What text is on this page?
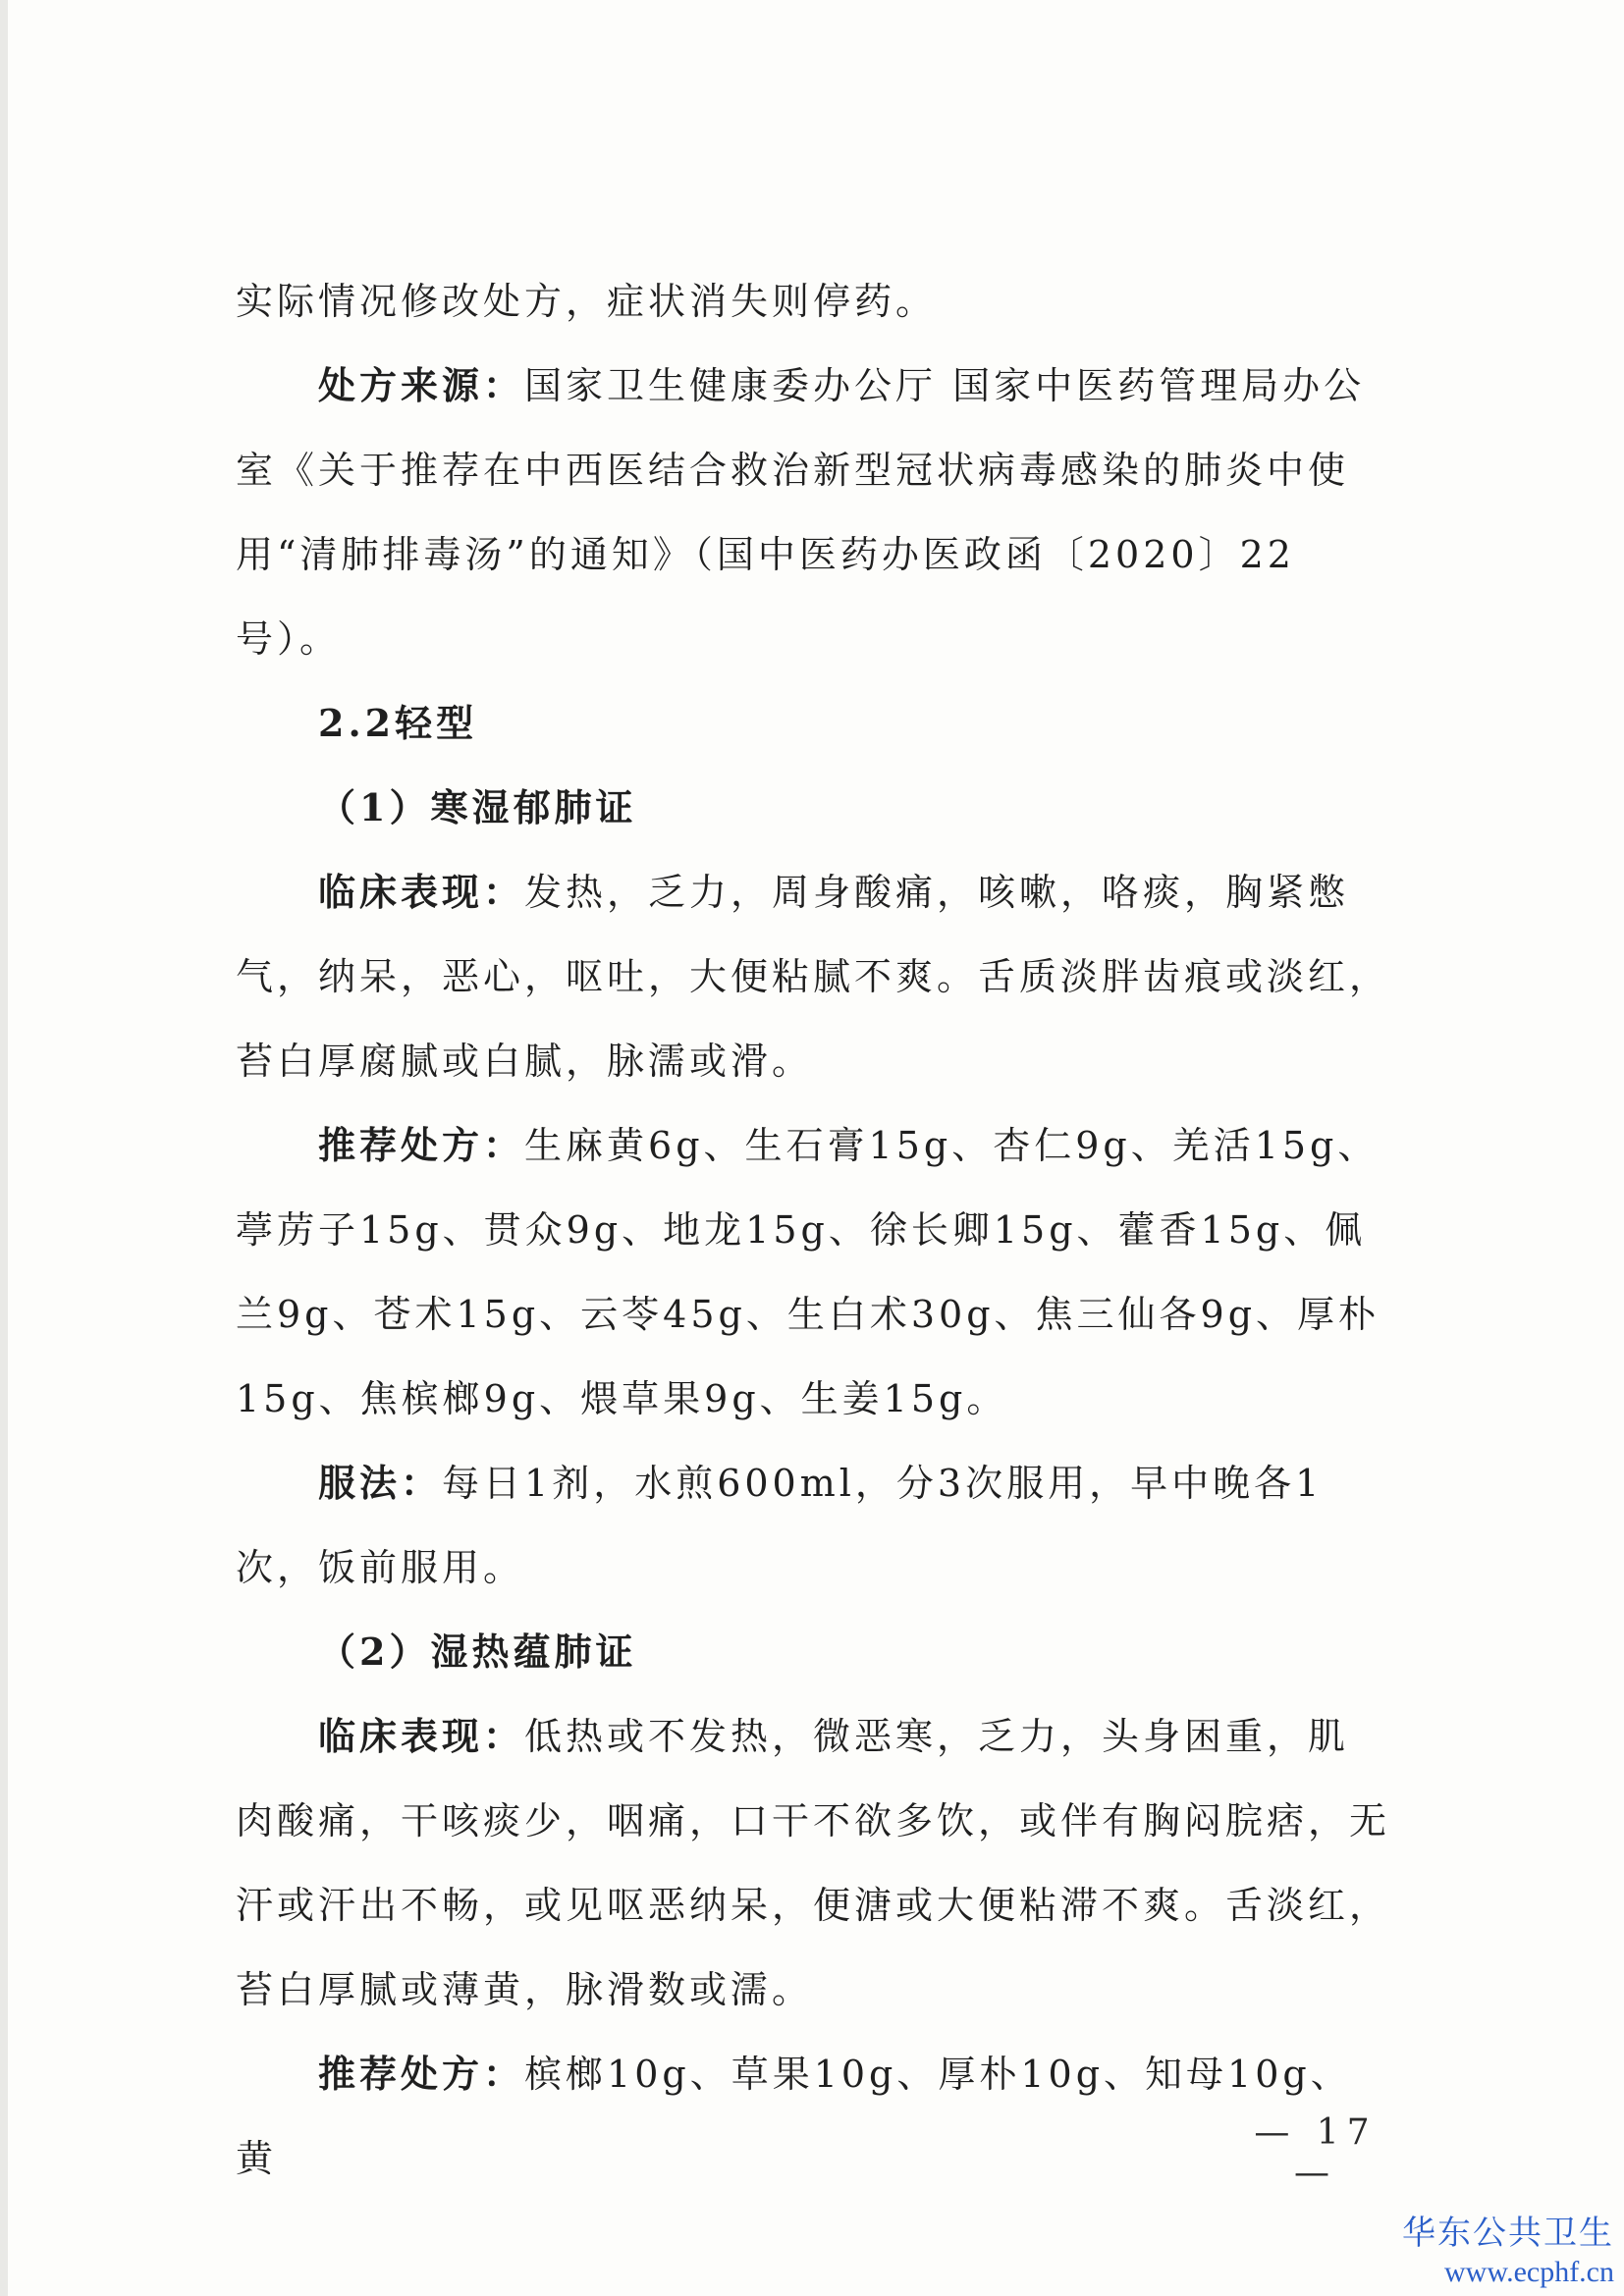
实际情况修改处方，症状消失则停药。

处方来源：国家卫生健康委办公厅 国家中医药管理局办公室《关于推荐在中西医结合救治新型冠状病毒感染的肺炎中使用“清肺排毒汤”的通知》（国中医药办医政函〔2020〕22号）。

2.2轻型

（1）寒湿郁肺证

临床表现：发热，乏力，周身酸痛，咳嗽，咯痰，胸紧憋气，纳呆，恶心，呕吐，大便粘腻不爽。舌质淡胖齿痕或淡红，苔白厚腐腻或白腻，脉濡或滑。

推荐处方：生麻黄6g、生石膏15g、杏仁9g、羌活15g、葶苈子15g、贯众9g、地龙15g、徐长卿15g、藿香15g、佩兰9g、苍术15g、云苓45g、生白术30g、焦三仙各9g、厚朴15g、焦槟榔9g、煨草果9g、生姜15g。

服法：每日1剂，水煎600ml，分3次服用，早中晚各1次，饭前服用。

（2）湿热蕴肺证

临床表现：低热或不发热，微恶寒，乏力，头身困重，肌肉酸痛，干咳痰少，咽痛，口干不欲多饮，或伴有胸闷脘痞，无汗或汗出不畅，或见呕恶纳呆，便溏或大便粘滞不爽。舌淡红，苔白厚腻或薄黄，脉滑数或濡。

推荐处方：槟榔10g、草果10g、厚朴10g、知母10g、黄

— 17 —
华东公共卫生
www.ecphf.cn
